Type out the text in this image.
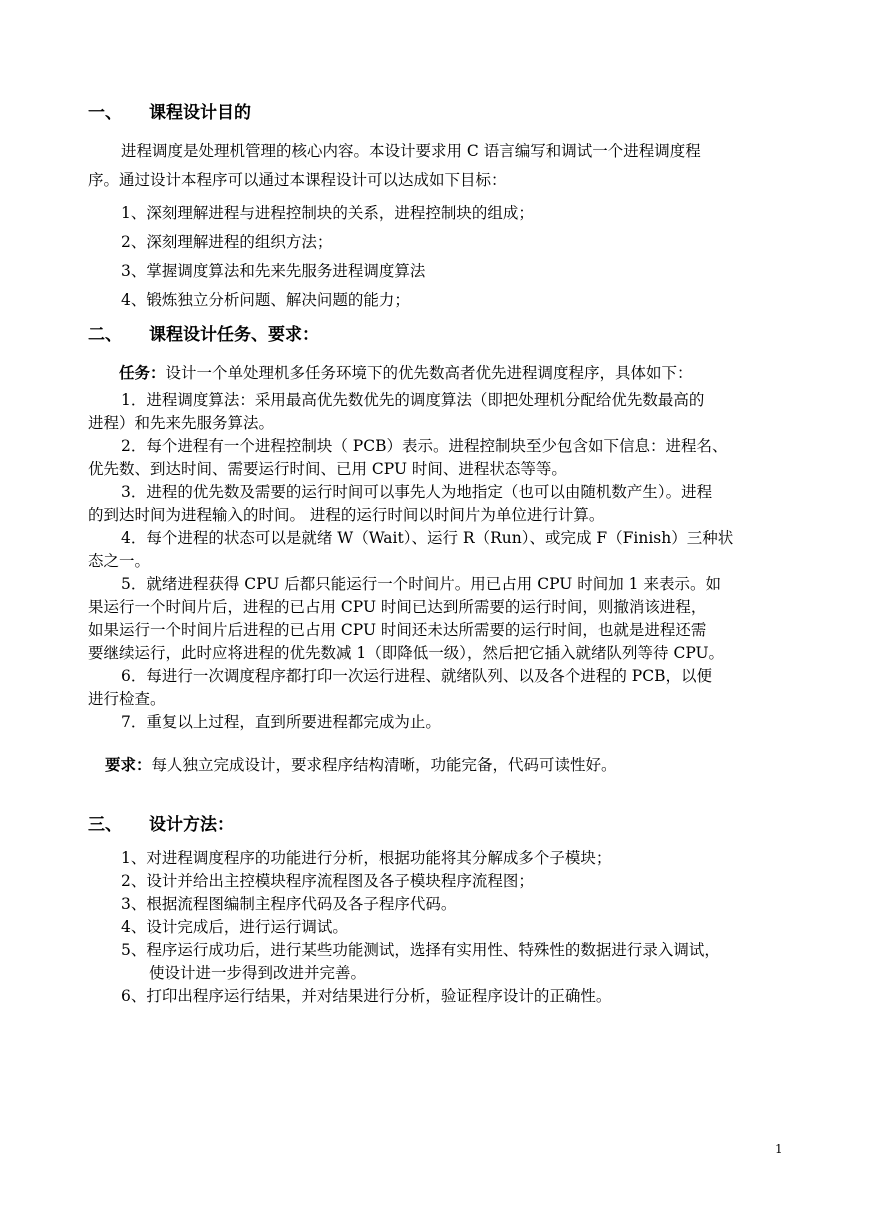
一、 课程设计目的
进程调度是处理机管理的核心内容。本设计要求用 C 语言编写和调试一个进程调度程
序。通过设计本程序可以通过本课程设计可以达成如下目标：
1、深刻理解进程与进程控制块的关系，进程控制块的组成；
2、深刻理解进程的组织方法；
3、掌握调度算法和先来先服务进程调度算法
4、锻炼独立分析问题、解决问题的能力；
二、 课程设计任务、要求：
任务：设计一个单处理机多任务环境下的优先数高者优先进程调度程序，具体如下：
1．进程调度算法：采用最高优先数优先的调度算法（即把处理机分配给优先数最高的
进程）和先来先服务算法。
2．每个进程有一个进程控制块（ PCB）表示。进程控制块至少包含如下信息：进程名、
优先数、到达时间、需要运行时间、已用 CPU 时间、进程状态等等。
3．进程的优先数及需要的运行时间可以事先人为地指定（也可以由随机数产生）。进程
的到达时间为进程输入的时间。 进程的运行时间以时间片为单位进行计算。
4．每个进程的状态可以是就绪 W（Wait）、运行 R（Run）、或完成 F（Finish）三种状
态之一。
5．就绪进程获得 CPU 后都只能运行一个时间片。用已占用 CPU 时间加 1 来表示。如
果运行一个时间片后，进程的已占用 CPU 时间已达到所需要的运行时间，则撤消该进程，
如果运行一个时间片后进程的已占用 CPU 时间还未达所需要的运行时间，也就是进程还需
要继续运行，此时应将进程的优先数减 1（即降低一级），然后把它插入就绪队列等待 CPU。
6．每进行一次调度程序都打印一次运行进程、就绪队列、以及各个进程的 PCB，以便
进行检查。
7．重复以上过程，直到所要进程都完成为止。
要求：每人独立完成设计，要求程序结构清晰，功能完备，代码可读性好。
三、 设计方法：
1、对进程调度程序的功能进行分析，根据功能将其分解成多个子模块；
2、设计并给出主控模块程序流程图及各子模块程序流程图；
3、根据流程图编制主程序代码及各子程序代码。
4、设计完成后，进行运行调试。
5、程序运行成功后，进行某些功能测试，选择有实用性、特殊性的数据进行录入调试，
使设计进一步得到改进并完善。
6、打印出程序运行结果，并对结果进行分析，验证程序设计的正确性。
1
